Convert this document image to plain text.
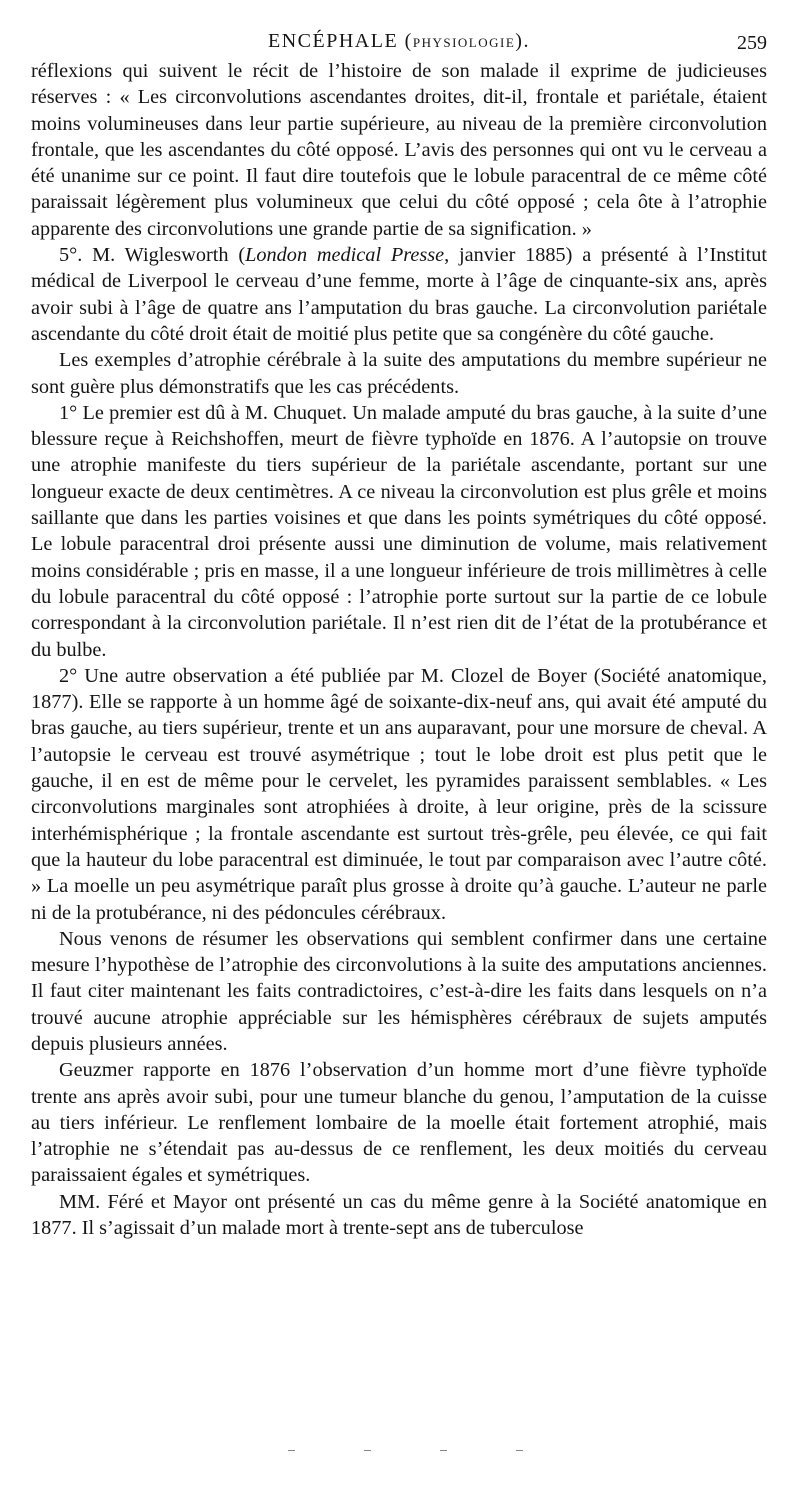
ENCÉPHALE (PHYSIOLOGIE).	259

réflexions qui suivent le récit de l’histoire de son malade il exprime de judicieuses réserves : « Les circonvolutions ascendantes droites, dit-il, frontale et pariétale, étaient moins volumineuses dans leur partie supérieure, au niveau de la première circonvolution frontale, que les ascendantes du côté opposé. L’avis des personnes qui ont vu le cerveau a été unanime sur ce point. Il faut dire toutefois que le lobule paracentral de ce même côté paraissait légèrement plus volumineux que celui du côté opposé ; cela ôte à l’atrophie apparente des circonvolutions une grande partie de sa signification. »

5°. M. Wiglesworth (London medical Presse, janvier 1885) a présenté à l’Institut médical de Liverpool le cerveau d’une femme, morte à l’âge de cinquante-six ans, après avoir subi à l’âge de quatre ans l’amputation du bras gauche. La circonvolution pariétale ascendante du côté droit était de moitié plus petite que sa congénère du côté gauche.

Les exemples d’atrophie cérébrale à la suite des amputations du membre supérieur ne sont guère plus démonstratifs que les cas précédents.

1° Le premier est dû à M. Chuquet. Un malade amputé du bras gauche, à la suite d’une blessure reçue à Reichshoffen, meurt de fièvre typhoïde en 1876. A l’autopsie on trouve une atrophie manifeste du tiers supérieur de la pariétale ascendante, portant sur une longueur exacte de deux centimètres. A ce niveau la circonvolution est plus grêle et moins saillante que dans les parties voisines et que dans les points symétriques du côté opposé. Le lobule paracentral droi présente aussi une diminution de volume, mais relativement moins considérable ; pris en masse, il a une longueur inférieure de trois millimètres à celle du lobule paracentral du côté opposé : l’atrophie porte surtout sur la partie de ce lobule correspondant à la circonvolution pariétale. Il n’est rien dit de l’état de la protubérance et du bulbe.

2° Une autre observation a été publiée par M. Clozel de Boyer (Société anatomique, 1877). Elle se rapporte à un homme âgé de soixante-dix-neuf ans, qui avait été amputé du bras gauche, au tiers supérieur, trente et un ans auparavant, pour une morsure de cheval. A l’autopsie le cerveau est trouvé asymétrique ; tout le lobe droit est plus petit que le gauche, il en est de même pour le cervelet, les pyramides paraissent semblables. « Les circonvolutions marginales sont atrophiées à droite, à leur origine, près de la scissure interhémisphérique ; la frontale ascendante est surtout très-grêle, peu élevée, ce qui fait que la hauteur du lobe paracentral est diminuée, le tout par comparaison avec l’autre côté. » La moelle un peu asymétrique paraît plus grosse à droite qu’à gauche. L’auteur ne parle ni de la protubérance, ni des pédoncules cérébraux.

Nous venons de résumer les observations qui semblent confirmer dans une certaine mesure l’hypothèse de l’atrophie des circonvolutions à la suite des amputations anciennes. Il faut citer maintenant les faits contradictoires, c’est-à-dire les faits dans lesquels on n’a trouvé aucune atrophie appréciable sur les hémisphères cérébraux de sujets amputés depuis plusieurs années.

Geuzmer rapporte en 1876 l’observation d’un homme mort d’une fièvre typhoïde trente ans après avoir subi, pour une tumeur blanche du genou, l’amputation de la cuisse au tiers inférieur. Le renflement lombaire de la moelle était fortement atrophié, mais l’atrophie ne s’étendait pas au-dessus de ce renflement, les deux moitiés du cerveau paraissaient égales et symétriques.

MM. Féré et Mayor ont présenté un cas du même genre à la Société anatomique en 1877. Il s’agissait d’un malade mort à trente-sept ans de tuberculose
